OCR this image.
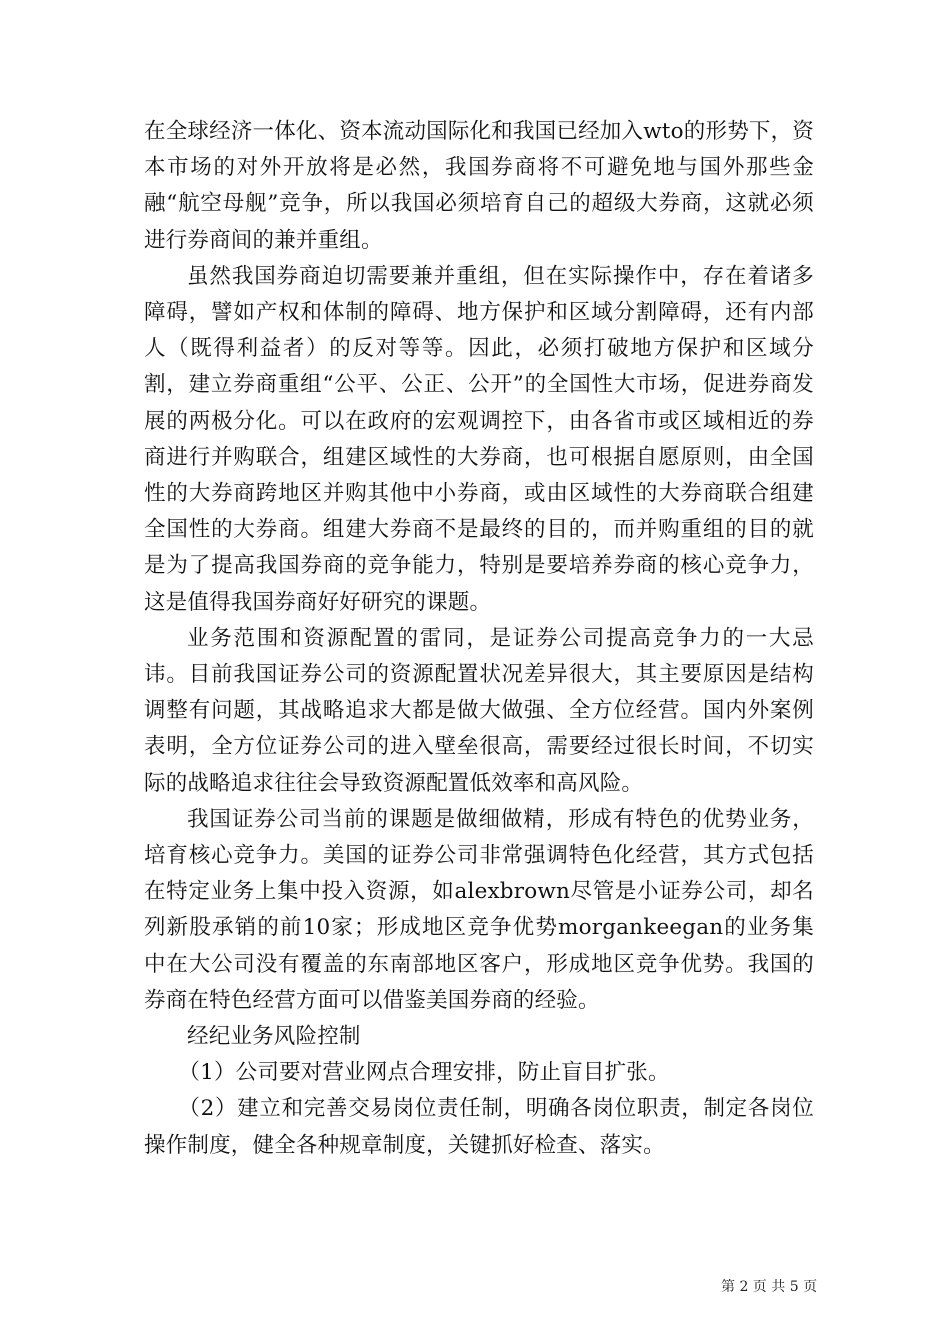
在全球经济一体化、资本流动国际化和我国已经加入wto的形势下，资本市场的对外开放将是必然，我国券商将不可避免地与国外那些金融“航空母舰”竞争，所以我国必须培育自己的超级大券商，这就必须进行券商间的兼并重组。

虽然我国券商迫切需要兼并重组，但在实际操作中，存在着诸多障碍，譬如产权和体制的障碍、地方保护和区域分割障碍，还有内部人（既得利益者）的反对等等。因此，必须打破地方保护和区域分割，建立券商重组“公平、公正、公开”的全国性大市场，促进券商发展的两极分化。可以在政府的宏观调控下，由各省市或区域相近的券商进行并购联合，组建区域性的大券商，也可根据自愿原则，由全国性的大券商跨地区并购其他中小券商，或由区域性的大券商联合组建全国性的大券商。组建大券商不是最终的目的，而并购重组的目的就是为了提高我国券商的竞争能力，特别是要培养券商的核心竞争力，这是值得我国券商好好研究的课题。

业务范围和资源配置的雷同，是证券公司提高竞争力的一大忌讳。目前我国证券公司的资源配置状况差异很大，其主要原因是结构调整有问题，其战略追求大都是做大做强、全方位经营。国内外案例表明，全方位证券公司的进入壁垒很高，需要经过很长时间，不切实际的战略追求往往会导致资源配置低效率和高风险。

我国证券公司当前的课题是做细做精，形成有特色的优势业务，培育核心竞争力。美国的证券公司非常强调特色化经营，其方式包括在特定业务上集中投入资源，如alexbrown尽管是小证券公司，却名列新股承销的前10家；形成地区竞争优势morgankeegan的业务集中在大公司没有覆盖的东南部地区客户，形成地区竞争优势。我国的券商在特色经营方面可以借鉴美国券商的经验。

经纪业务风险控制

（1）公司要对营业网点合理安排，防止盲目扩张。

（2）建立和完善交易岗位责任制，明确各岗位职责，制定各岗位操作制度，健全各种规章制度，关键抓好检查、落实。

第 2 页 共 5 页
